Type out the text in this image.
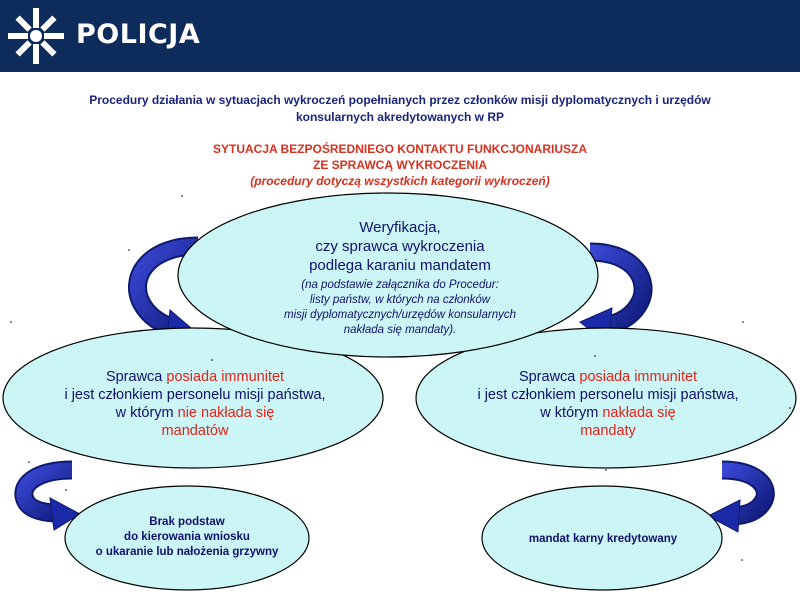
POLICJA
Procedury działania w sytuacjach wykroczeń popełnianych przez członków misji dyplomatycznych i urzędów
konsularnych akredytowanych w RP
SYTUACJA BEZPOŚREDNIEGO KONTAKTU FUNKCJONARIUSZA
ZE SPRAWCĄ WYKROCZENIA
(procedury dotyczą wszystkich kategorii wykroczeń)
Weryfikacja,
czy sprawca wykroczenia
podlega karaniu mandatem
(na podstawie załącznika do Procedur:
listy państw, w których na członków
misji dyplomatycznych/urzędów konsularnych
nakłada się mandaty).
Sprawca posiada immunitet
i jest członkiem personelu misji państwa,
w którym nie nakłada się
mandatów
Sprawca posiada immunitet
i jest członkiem personelu misji państwa,
w którym nakłada się
mandaty
Brak podstaw
do kierowania wniosku
o ukaranie lub nałożenia grzywny
mandat karny kredytowany
